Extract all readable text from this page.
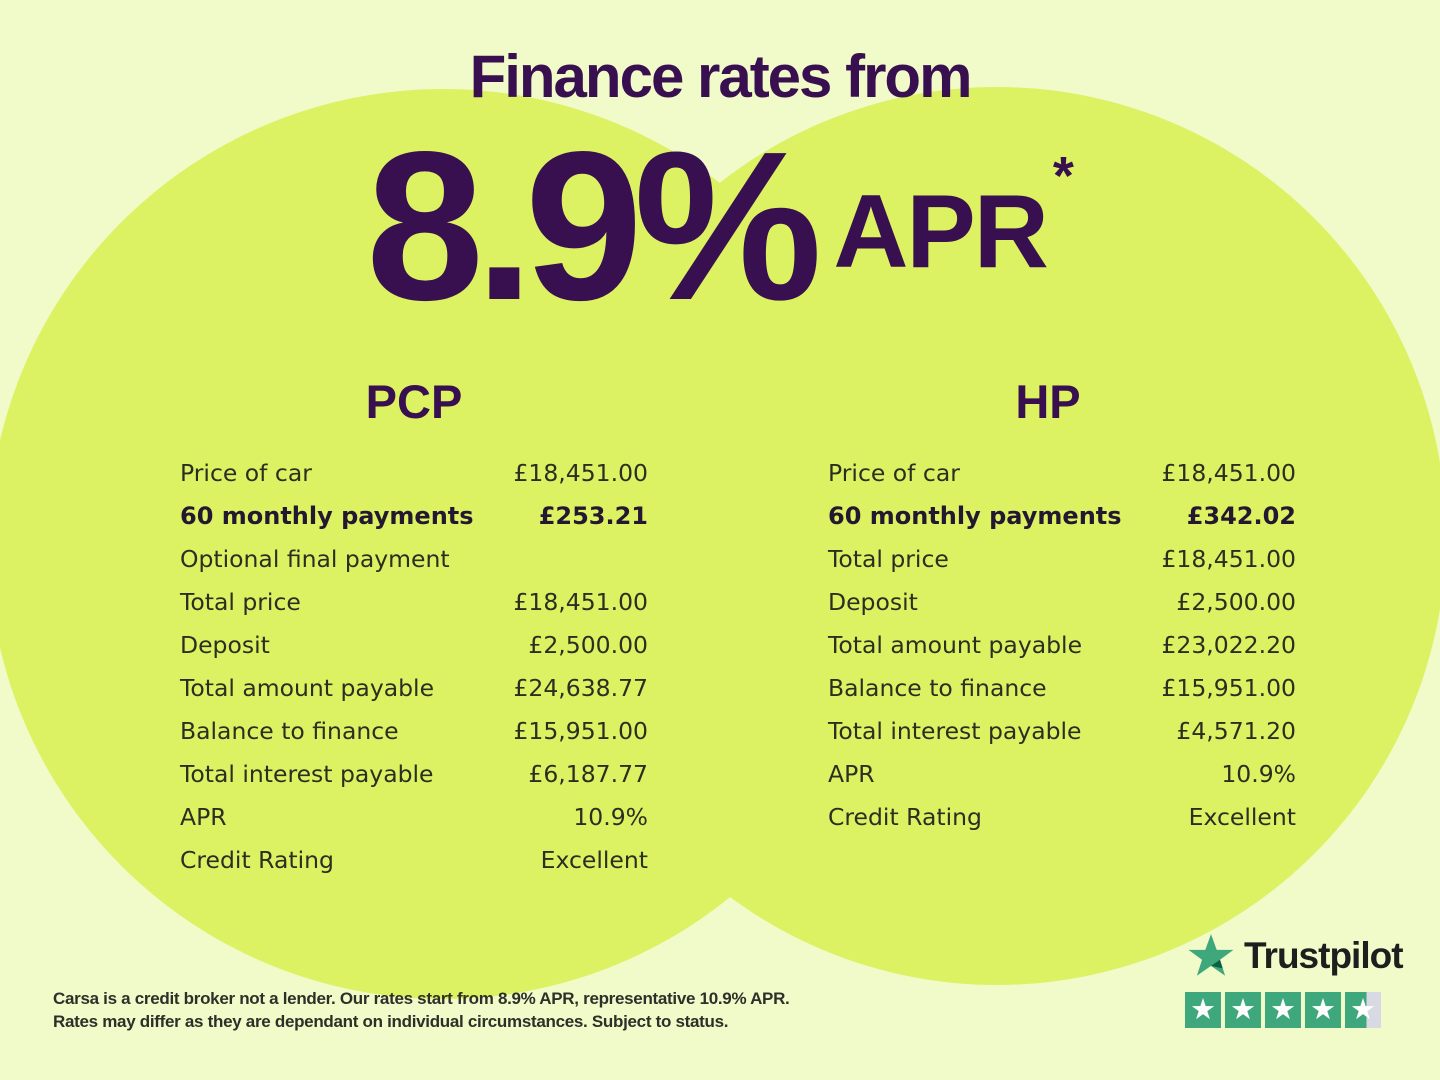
Finance rates from
8.9% APR *
PCP
Price of car	£18,451.00
60 monthly payments	£253.21
Optional final payment
Total price	£18,451.00
Deposit	£2,500.00
Total amount payable	£24,638.77
Balance to finance	£15,951.00
Total interest payable	£6,187.77
APR	10.9%
Credit Rating	Excellent
HP
Price of car	£18,451.00
60 monthly payments	£342.02
Total price	£18,451.00
Deposit	£2,500.00
Total amount payable	£23,022.20
Balance to finance	£15,951.00
Total interest payable	£4,571.20
APR	10.9%
Credit Rating	Excellent
Carsa is a credit broker not a lender. Our rates start from 8.9% APR, representative 10.9% APR.
Rates may differ as they are dependant on individual circumstances. Subject to status.
Trustpilot
★ ★ ★ ★ ★
